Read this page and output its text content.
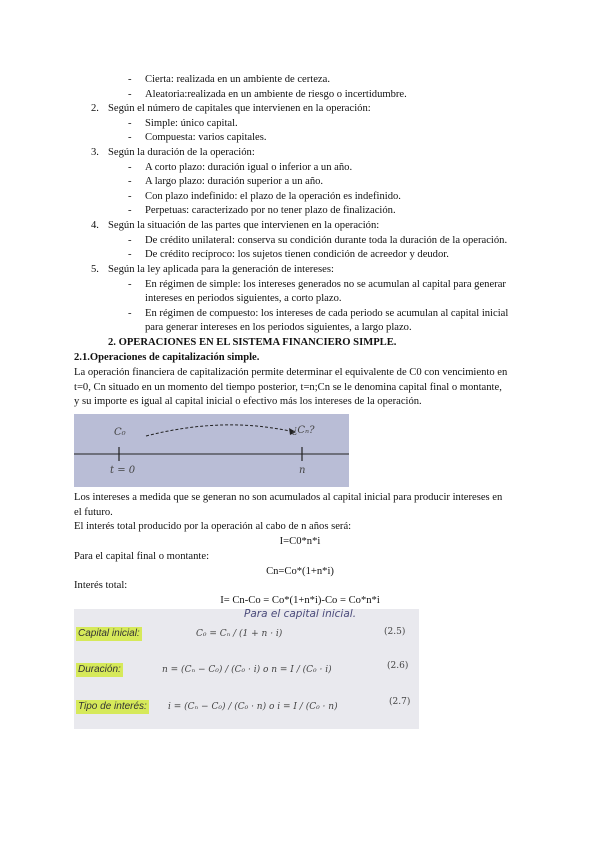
- Cierta: realizada en un ambiente de certeza.
- Aleatoria:realizada en un ambiente de riesgo o incertidumbre.
2. Según el número de capitales que intervienen en la operación:
- Simple: único capital.
- Compuesta: varios capitales.
3. Según la duración de la operación:
- A corto plazo: duración igual o inferior a un año.
- A largo plazo: duración superior a un año.
- Con plazo indefinido: el plazo de la operación es indefinido.
- Perpetuas: caracterizado por no tener plazo de finalización.
4. Según la situación de las partes que intervienen en la operación:
- De crédito unilateral: conserva su condición durante toda la duración de la operación.
- De crédito recíproco: los sujetos tienen condición de acreedor y deudor.
5. Según la ley aplicada para la generación de intereses:
- En régimen de simple: los intereses generados no se acumulan al capital para generar
intereses en periodos siguientes, a corto plazo.
- En régimen de compuesto: los intereses de cada periodo se acumulan al capital inicial
para generar intereses en los periodos siguientes, a largo plazo.
2. OPERACIONES EN EL SISTEMA FINANCIERO SIMPLE.
2.1.Operaciones de capitalización simple.
La operación financiera de capitalización permite determinar el equivalente de C0 con vencimiento en
t=0, Cn situado en un momento del tiempo posterior, t=n;Cn se le denomina capital final o montante,
y su importe es igual al capital inicial o efectivo más los intereses de la operación.
C₀	¿Cₙ?
t = 0	n
Los intereses a medida que se generan no son acumulados al capital inicial para producir intereses en
el futuro.
El interés total producido por la operación al cabo de n años será:
I=C0*n*i
Para el capital final o montante:
Cn=Co*(1+n*i)
Interés total:
I= Cn-Co = Co*(1+n*i)-Co = Co*n*i
Para el capital inicial.
Capital inicial:	C₀ = Cₙ / (1 + n · i)	(2.5)
Duración:	n = (Cₙ − C₀) / (C₀ · i) o n = I / (C₀ · i)	(2.6)
Tipo de interés: i = (Cₙ − C₀) / (C₀ · n) o i = I / (C₀ · n)	(2.7)
